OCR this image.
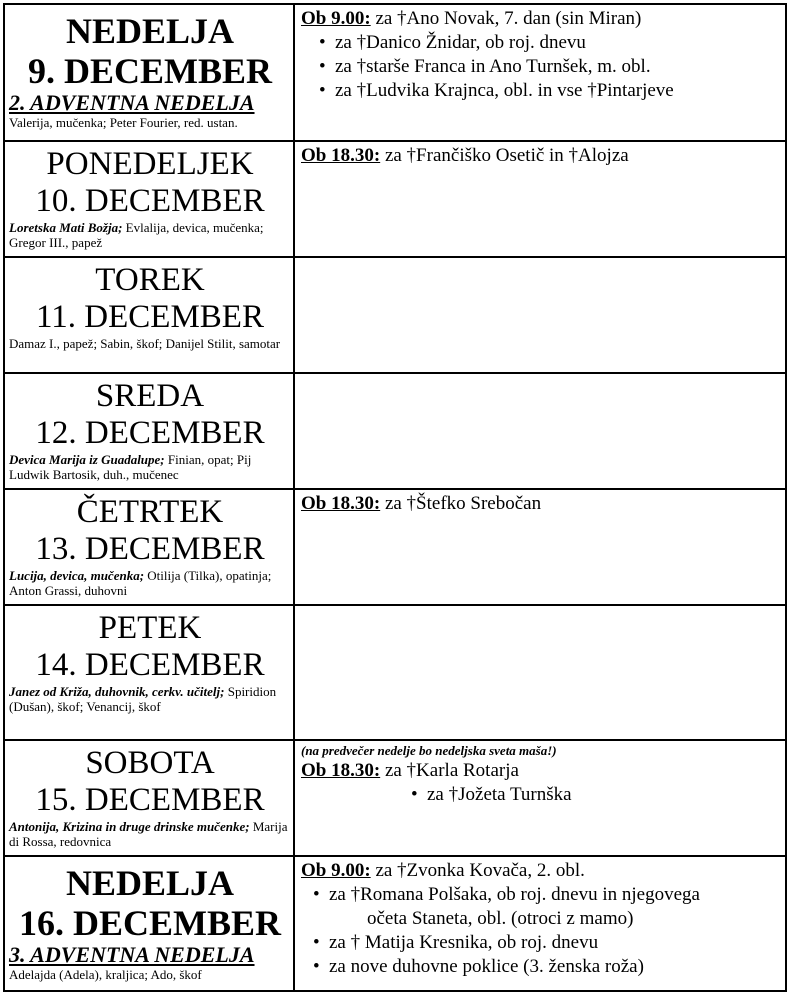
NEDELJA
9. DECEMBER
2. ADVENTNA NEDELJA
Valerija, mučenka; Peter Fourier, red. ustan.
Ob 9.00: za †Ano Novak, 7. dan (sin Miran)
• za †Danico Žnidar, ob roj. dnevu
• za †starše Franca in Ano Turnšek, m. obl.
• za †Ludvika Krajnca, obl. in vse †Pintarjeve
PONEDELJEK
10. DECEMBER
Loretska Mati Božja; Evlalija, devica, mučenka; Gregor III., papež
Ob 18.30: za †Frančiško Osetič in †Alojza
TOREK
11. DECEMBER
Damaz I., papež; Sabin, škof; Danijel Stilit, samotar
SREDA
12. DECEMBER
Devica Marija iz Guadalupe; Finian, opat; Pij Ludwik Bartosik, duh., mučenec
ČETRTEK
13. DECEMBER
Lucija, devica, mučenka; Otilija (Tilka), opatinja; Anton Grassi, duhovni
Ob 18.30: za †Štefko Srebočan
PETEK
14. DECEMBER
Janez od Križa, duhovnik, cerkv. učitelj; Spiridion (Dušan), škof; Venancij, škof
SOBOTA
15. DECEMBER
Antonija, Krizina in druge drinske mučenke; Marija di Rossa, redovnica
(na predvečer nedelje bo nedeljska sveta maša!)
Ob 18.30: za †Karla Rotarja
• za †Jožeta Turnška
NEDELJA
16. DECEMBER
3. ADVENTNA NEDELJA
Adelajda (Adela), kraljica; Ado, škof
Ob 9.00: za †Zvonka Kovača, 2. obl.
• za †Romana Polšaka, ob roj. dnevu in njegovega
očeta Staneta, obl. (otroci z mamo)
• za † Matija Kresnika, ob roj. dnevu
• za nove duhovne poklice (3. ženska roža)
